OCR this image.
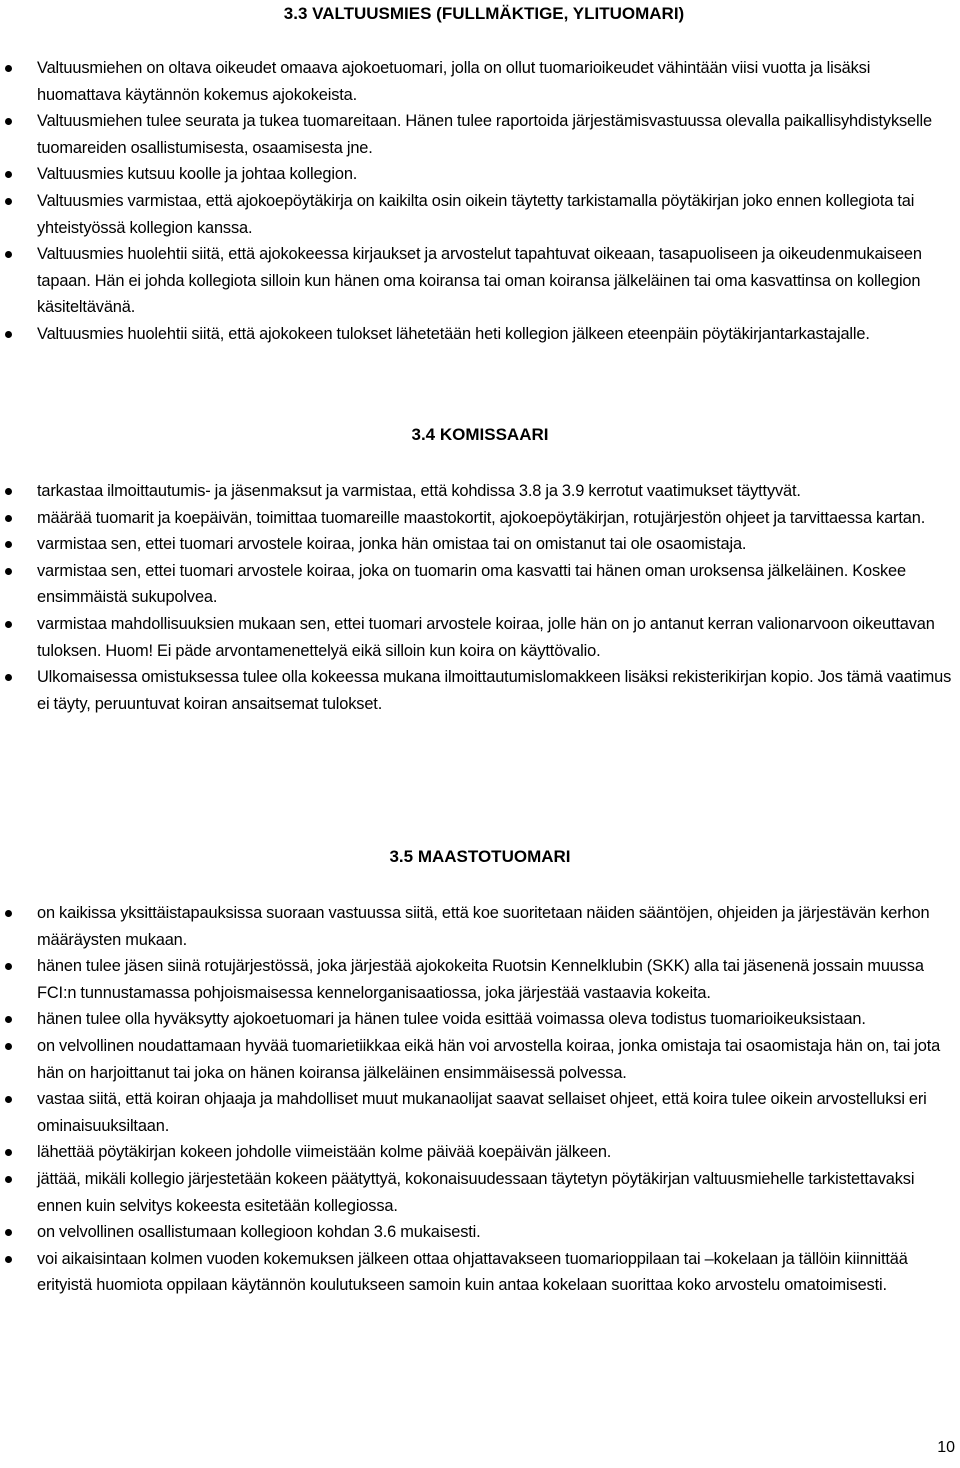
3.3 VALTUUSMIES (FULLMÄKTIGE, YLITUOMARI)
Valtuusmiehen on oltava oikeudet omaava ajokoetuomari, jolla on ollut tuomarioikeudet vähintään viisi vuotta ja lisäksi huomattava käytännön kokemus ajokokeista.
Valtuusmiehen tulee seurata ja tukea tuomareitaan. Hänen tulee raportoida järjestämisvastuussa olevalla paikallisyhdistykselle tuomareiden osallistumisesta, osaamisesta jne.
Valtuusmies kutsuu koolle ja johtaa kollegion.
Valtuusmies varmistaa, että ajokoepöytäkirja on kaikilta osin oikein täytetty tarkistamalla pöytäkirjan joko ennen kollegiota tai yhteistyössä kollegion kanssa.
Valtuusmies huolehtii siitä, että ajokokeessa kirjaukset ja arvostelut tapahtuvat oikeaan, tasapuoliseen ja oikeudenmukaiseen tapaan. Hän ei johda kollegiota silloin kun hänen oma koiransa tai oman koiransa jälkeläinen tai oma kasvattinsa on kollegion käsiteltävänä.
Valtuusmies huolehtii siitä, että ajokokeen tulokset lähetetään heti kollegion jälkeen eteenpäin pöytäkirjantarkastajalle.
3.4 KOMISSAARI
tarkastaa ilmoittautumis- ja jäsenmaksut ja varmistaa, että kohdissa 3.8 ja 3.9 kerrotut vaatimukset täyttyvät.
määrää tuomarit ja koepäivän, toimittaa tuomareille maastokortit, ajokoepöytäkirjan, rotujärjestön ohjeet ja tarvittaessa kartan.
varmistaa sen, ettei tuomari arvostele koiraa, jonka hän omistaa tai on omistanut tai ole osaomistaja.
varmistaa sen, ettei tuomari arvostele koiraa, joka on tuomarin oma kasvatti tai hänen oman uroksensa jälkeläinen. Koskee ensimmäistä sukupolvea.
varmistaa mahdollisuuksien mukaan sen, ettei tuomari arvostele koiraa, jolle hän on jo antanut kerran valionarvoon oikeuttavan tuloksen. Huom! Ei päde arvontamenettelyä eikä silloin kun koira on käyttövalio.
Ulkomaisessa omistuksessa tulee olla kokeessa mukana ilmoittautumislomakkeen lisäksi rekisterikirjan kopio. Jos tämä vaatimus ei täyty, peruuntuvat koiran ansaitsemat tulokset.
3.5 MAASTOTUOMARI
on kaikissa yksittäistapauksissa suoraan vastuussa siitä, että koe suoritetaan näiden sääntöjen, ohjeiden ja järjestävän kerhon määräysten mukaan.
hänen tulee jäsen siinä rotujärjestössä, joka järjestää ajokokeita Ruotsin Kennelklubin (SKK) alla tai jäsenenä jossain muussa FCI:n tunnustamassa pohjoismaisessa kennelorganisaatiossa, joka järjestää vastaavia kokeita.
hänen tulee olla hyväksytty ajokoetuomari ja hänen tulee voida esittää voimassa oleva todistus tuomarioikeuksistaan.
on velvollinen noudattamaan hyvää tuomarietiikkaa eikä hän voi arvostella koiraa, jonka omistaja tai osaomistaja hän on, tai jota hän on harjoittanut tai joka on hänen koiransa jälkeläinen ensimmäisessä polvessa.
vastaa siitä, että koiran ohjaaja ja mahdolliset muut mukanaolijat saavat sellaiset ohjeet, että koira tulee oikein arvostelluksi eri ominaisuuksiltaan.
lähettää pöytäkirjan kokeen johdolle viimeistään kolme päivää koepäivän jälkeen.
jättää, mikäli kollegio järjestetään kokeen päätyttyä, kokonaisuudessaan täytetyn pöytäkirjan valtuusmiehelle tarkistettavaksi ennen kuin selvitys kokeesta esitetään kollegiossa.
on velvollinen osallistumaan kollegioon kohdan 3.6 mukaisesti.
voi aikaisintaan kolmen vuoden kokemuksen jälkeen ottaa ohjattavakseen tuomarioppilaan tai –kokelaan ja tällöin kiinnittää erityistä huomiota oppilaan käytännön koulutukseen samoin kuin antaa kokelaan suorittaa koko arvostelu omatoimisesti.
10
